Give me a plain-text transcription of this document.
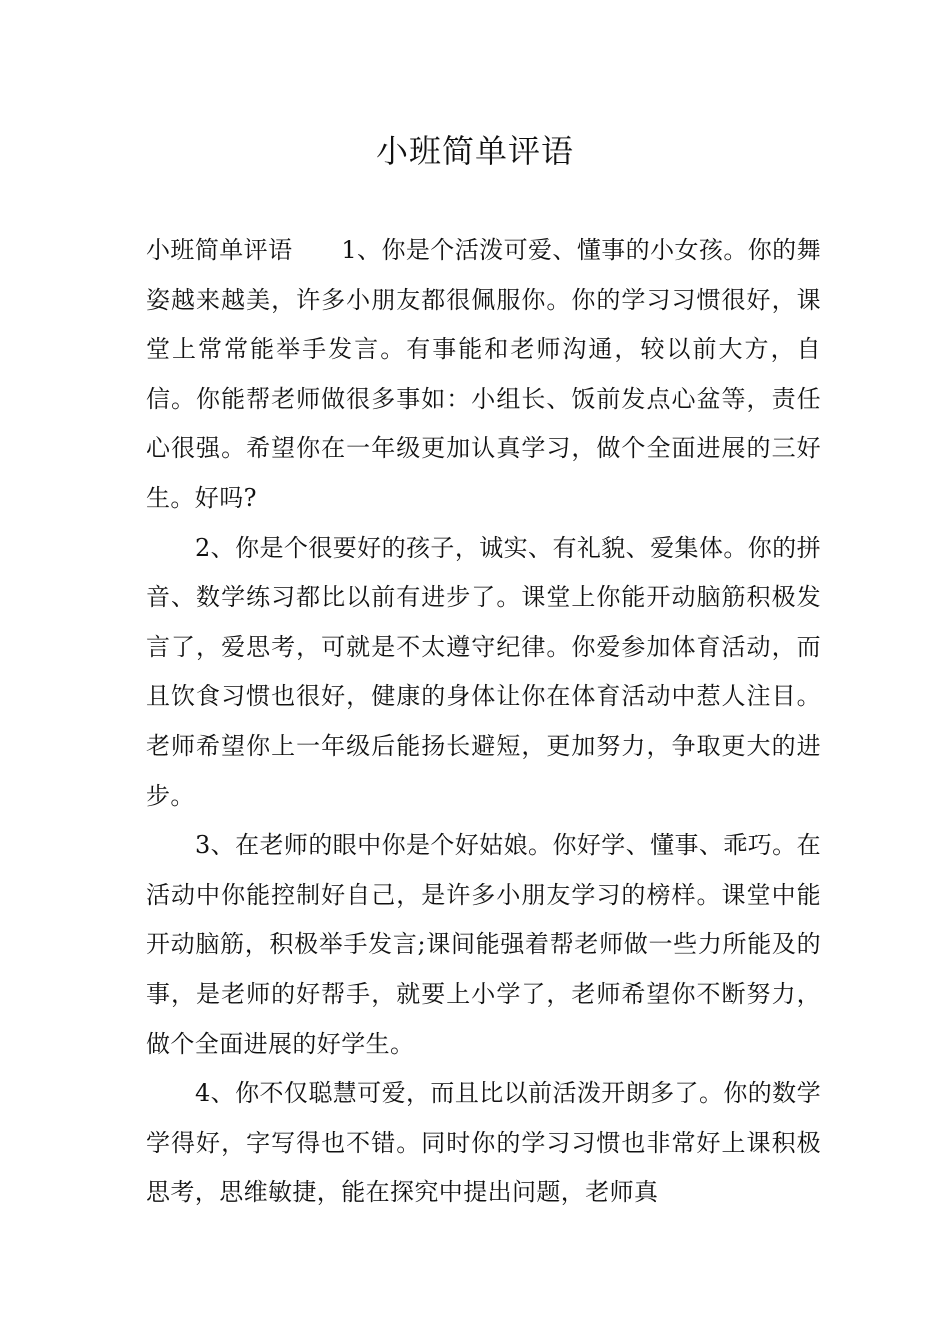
小班简单评语

小班简单评语　　1、你是个活泼可爱、懂事的小女孩。你的舞姿越来越美，许多小朋友都很佩服你。你的学习习惯很好，课堂上常常能举手发言。有事能和老师沟通，较以前大方，自信。你能帮老师做很多事如：小组长、饭前发点心盆等，责任心很强。希望你在一年级更加认真学习，做个全面进展的三好生。好吗?

2、你是个很要好的孩子，诚实、有礼貌、爱集体。你的拼音、数学练习都比以前有进步了。课堂上你能开动脑筋积极发言了，爱思考，可就是不太遵守纪律。你爱参加体育活动，而且饮食习惯也很好，健康的身体让你在体育活动中惹人注目。老师希望你上一年级后能扬长避短，更加努力，争取更大的进步。

3、在老师的眼中你是个好姑娘。你好学、懂事、乖巧。在活动中你能控制好自己，是许多小朋友学习的榜样。课堂中能开动脑筋，积极举手发言;课间能强着帮老师做一些力所能及的事，是老师的好帮手，就要上小学了，老师希望你不断努力，做个全面进展的好学生。

4、你不仅聪慧可爱，而且比以前活泼开朗多了。你的数学学得好，字写得也不错。同时你的学习习惯也非常好上课积极思考，思维敏捷，能在探究中提出问题，老师真
